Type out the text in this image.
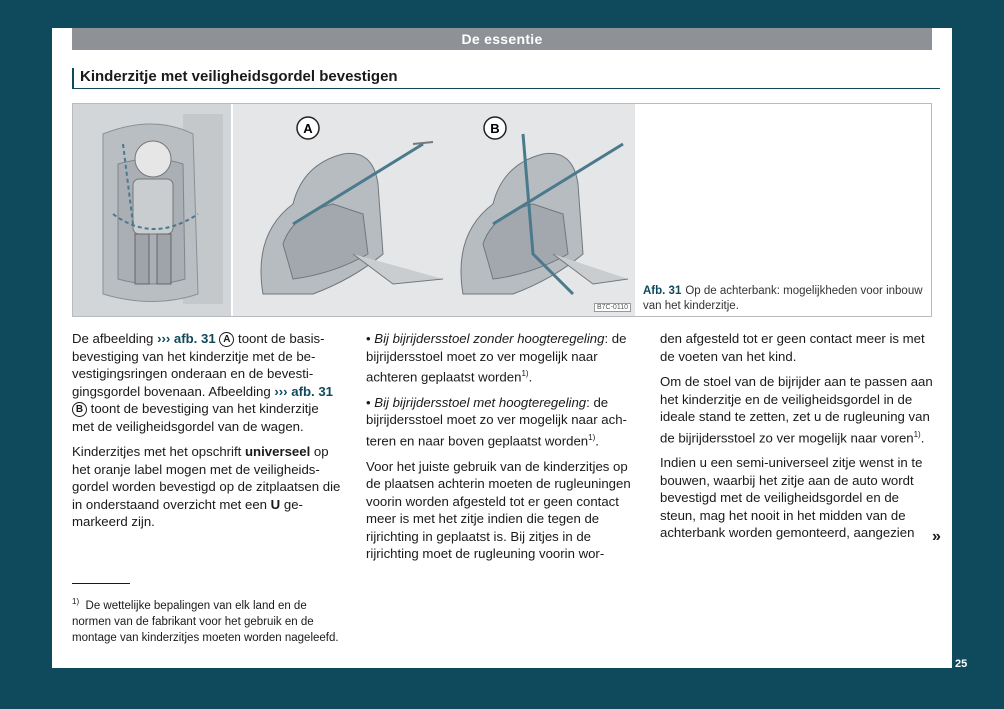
De essentie
Kinderzitje met veiligheidsgordel bevestigen
A	B
B7C-0110
Afb. 31 Op de achterbank: mogelijkheden voor inbouw van het kinderzitje.

De afbeelding ››› afb. 31 A toont de basisbevestiging van het kinderzitje met de bevestigingsringen onderaan en de bevestigingsgordel bovenaan. Afbeelding ››› afb. 31 B toont de bevestiging van het kinderzitje met de veiligheidsgordel van de wagen.

Kinderzitjes met het opschrift universeel op het oranje label mogen met de veiligheidsgordel worden bevestigd op de zitplaatsen die in onderstaand overzicht met een U gemarkeerd zijn.

• Bij bijrijdersstoel zonder hoogteregeling: de bijrijdersstoel moet zo ver mogelijk naar achteren geplaatst worden$^{1)}$.

• Bij bijrijdersstoel met hoogteregeling: de bijrijdersstoel moet zo ver mogelijk naar achteren en naar boven geplaatst worden$^{1)}$.

Voor het juiste gebruik van de kinderzitjes op de plaatsen achterin moeten de rugleuningen voorin worden afgesteld tot er geen contact meer is met het zitje indien die tegen de rijrichting in geplaatst is. Bij zitjes in de rijrichting moet de rugleuning voorin wor-

den afgesteld tot er geen contact meer is met de voeten van het kind.

Om de stoel van de bijrijder aan te passen aan het kinderzitje en de veiligheidsgordel in de ideale stand te zetten, zet u de rugleuning van de bijrijdersstoel zo ver mogelijk naar voren$^{1)}$.

Indien u een semi-universeel zitje wenst in te bouwen, waarbij het zitje aan de auto wordt bevestigd met de veiligheidsgordel en de steun, mag het nooit in het midden van de achterbank worden gemonteerd, aangezien	»
$^{1)}$ De wettelijke bepalingen van elk land en de normen van de fabrikant voor het gebruik en de montage van kinderzitjes moeten worden nageleefd.
25
